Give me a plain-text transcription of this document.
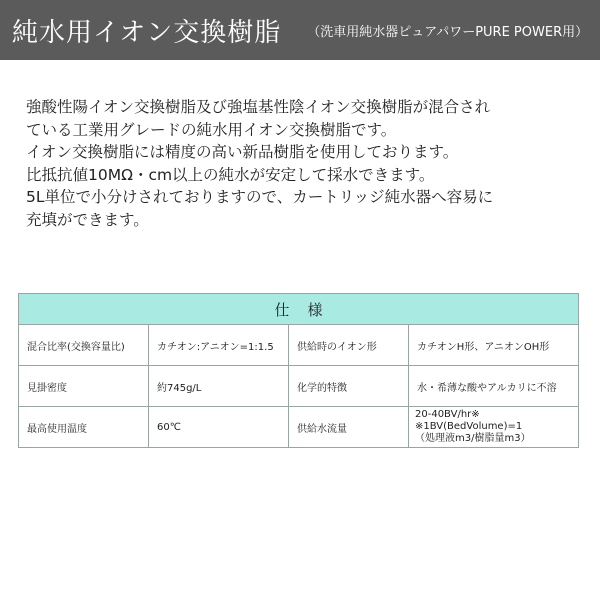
純水用イオン交換樹脂 （洗車用純水器ピュアパワーPURE POWER用）

強酸性陽イオン交換樹脂及び強塩基性陰イオン交換樹脂が混合され

ている工業用グレードの純水用イオン交換樹脂です。

イオン交換樹脂には精度の高い新品樹脂を使用しております。

比抵抗値10MΩ・cm以上の純水が安定して採水できます。

5L単位で小分けされておりますので、カートリッジ純水器へ容易に

充填ができます。

仕様			
混合比率(交換容量比)	カチオン:アニオン=1:1.5	供給時のイオン形	カチオンH形、アニオンOH形
見掛密度	約745g/L	化学的特徴	水・希薄な酸やアルカリに不溶
最高使用温度	60℃	供給水流量	20-40BV/hr※
※1BV(BedVolume)=1
（処理液m3/樹脂量m3）
